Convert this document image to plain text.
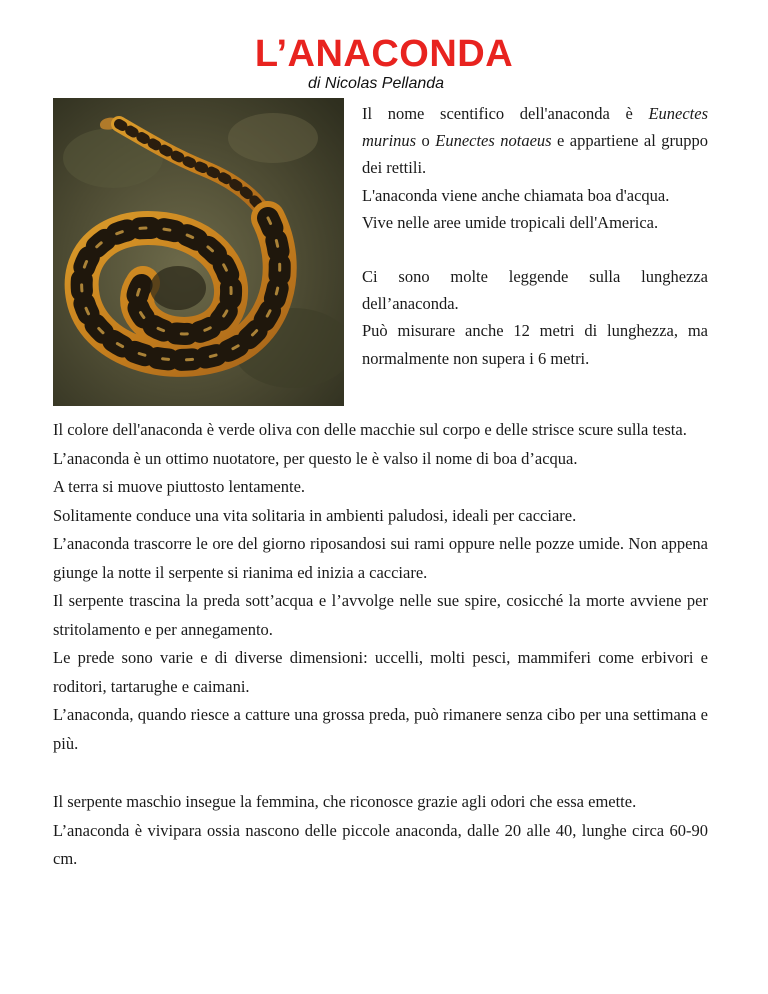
L’ANACONDA
di Nicolas Pellanda

Il nome scentifico dell'anaconda è Eunectes murinus o Eunectes notaeus e appartiene al gruppo dei rettili.

L'anaconda viene anche chiamata boa d'acqua.

Vive nelle aree umide tropicali dell'America.

Ci sono molte leggende sulla lunghezza dell’anaconda.

Può misurare anche 12 metri di lunghezza, ma normalmente non supera i 6 metri.

Il colore dell'anaconda è verde oliva con delle macchie sul corpo e delle strisce scure sulla testa.

L’anaconda è un ottimo nuotatore, per questo le è valso il nome di boa d’acqua.

A terra si muove piuttosto lentamente.

Solitamente conduce una vita solitaria in ambienti paludosi, ideali per cacciare.

L’anaconda trascorre le ore del giorno riposandosi sui rami oppure nelle pozze umide. Non appena giunge la notte il serpente si rianima ed inizia a cacciare.

Il serpente trascina la preda sott’acqua e l’avvolge nelle sue spire, cosicché la morte avviene per stritolamento e per annegamento.

Le prede sono varie e di diverse dimensioni: uccelli, molti pesci, mammiferi come erbivori e roditori, tartarughe e caimani.

L’anaconda, quando riesce a catture una grossa preda, può rimanere senza cibo per una settimana e più.

Il serpente maschio insegue la femmina, che riconosce grazie agli odori che essa emette.

L’anaconda è vivipara ossia nascono delle piccole anaconda, dalle 20 alle 40, lunghe circa 60-90 cm.
